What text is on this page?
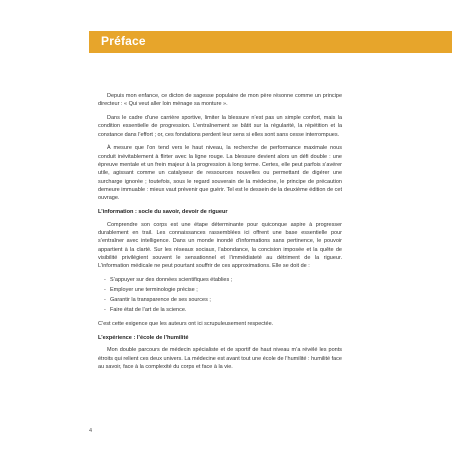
Préface

Depuis mon enfance, ce dicton de sagesse populaire de mon père résonne comme un principe directeur : « Qui veut aller loin ménage sa monture ».

Dans le cadre d’une carrière sportive, limiter la blessure n’est pas un simple confort, mais la condition essentielle de progression. L’entraînement se bâtit sur la régularité, la répétition et la constance dans l’effort ; or, ces fondations perdent leur sens si elles sont sans cesse interrompues.

À mesure que l’on tend vers le haut niveau, la recherche de performance maximale nous conduit inévitablement à flirter avec la ligne rouge. La blessure devient alors un défi double : une épreuve mentale et un frein majeur à la progression à long terme. Certes, elle peut parfois s’avérer utile, agissant comme un catalyseur de ressources nouvelles ou permettant de digérer une surcharge ignorée ; toutefois, sous le regard souverain de la médecine, le principe de précaution demeure immuable : mieux vaut prévenir que guérir. Tel est le dessein de la deuxième édition de cet ouvrage.

L’information : socle du savoir, devoir de rigueur

Comprendre son corps est une étape déterminante pour quiconque aspire à progresser durablement en trail. Les connaissances rassemblées ici offrent une base essentielle pour s’entraîner avec intelligence. Dans un monde inondé d’informations sans pertinence, le pouvoir appartient à la clarté. Sur les réseaux sociaux, l’abondance, la concision imposée et la quête de visibilité privilégient souvent le sensationnel et l’immédiateté au détriment de la rigueur. L’information médicale ne peut pourtant souffrir de ces approximations. Elle se doit de :

- S’appuyer sur des données scientifiques établies ;
- Employer une terminologie précise ;
- Garantir la transparence de ses sources ;
- Faire état de l’art de la science.

C’est cette exigence que les auteurs ont ici scrupuleusement respectée.

L’expérience : l’école de l’humilité

Mon double parcours de médecin spécialiste et de sportif de haut niveau m’a révélé les ponts étroits qui relient ces deux univers. La médecine est avant tout une école de l’humilité : humilité face au savoir, face à la complexité du corps et face à la vie.

4
